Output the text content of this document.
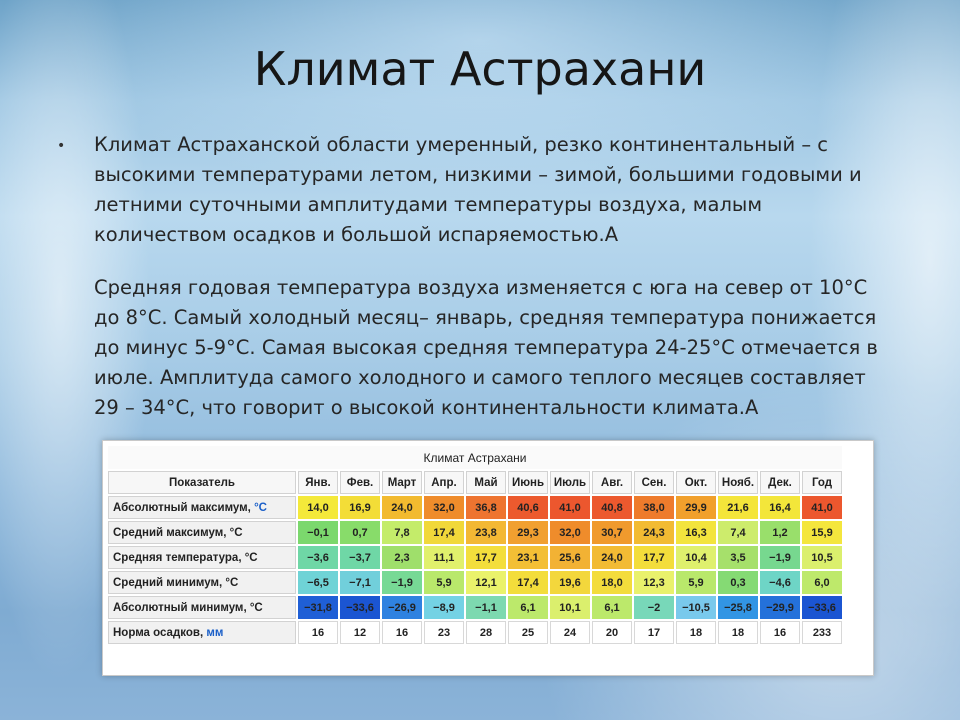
Климат Астрахани
• Климат Астраханской области умеренный, резко континентальный – с высокими температурами летом, низкими – зимой, большими годовыми и летними суточными амплитудами температуры воздуха, малым количеством осадков и большой испаряемостью.А

Средняя годовая температура воздуха изменяется с юга на север от 10°С до 8°С. Самый холодный месяц– январь, средняя температура понижается до минус 5-9°С. Самая высокая средняя температура 24-25°С отмечается в июле. Амплитуда самого холодного и самого теплого месяцев составляет 29 – 34°С, что говорит о высокой континентальности климата.А

Климат Астрахани													
Показатель	Янв.	Фев.	Март	Апр.	Май	Июнь	Июль	Авг.	Сен.	Окт.	Нояб.	Дек.	Год
Абсолютный максимум, °C	14,0	16,9	24,0	32,0	36,8	40,6	41,0	40,8	38,0	29,9	21,6	16,4	41,0
Средний максимум, °C	−0,1	0,7	7,8	17,4	23,8	29,3	32,0	30,7	24,3	16,3	7,4	1,2	15,9
Средняя температура, °C	−3,6	−3,7	2,3	11,1	17,7	23,1	25,6	24,0	17,7	10,4	3,5	−1,9	10,5
Средний минимум, °C	−6,5	−7,1	−1,9	5,9	12,1	17,4	19,6	18,0	12,3	5,9	0,3	−4,6	6,0
Абсолютный минимум, °C	−31,8	−33,6	−26,9	−8,9	−1,1	6,1	10,1	6,1	−2	−10,5	−25,8	−29,9	−33,6
Норма осадков, мм	16	12	16	23	28	25	24	20	17	18	18	16	233
